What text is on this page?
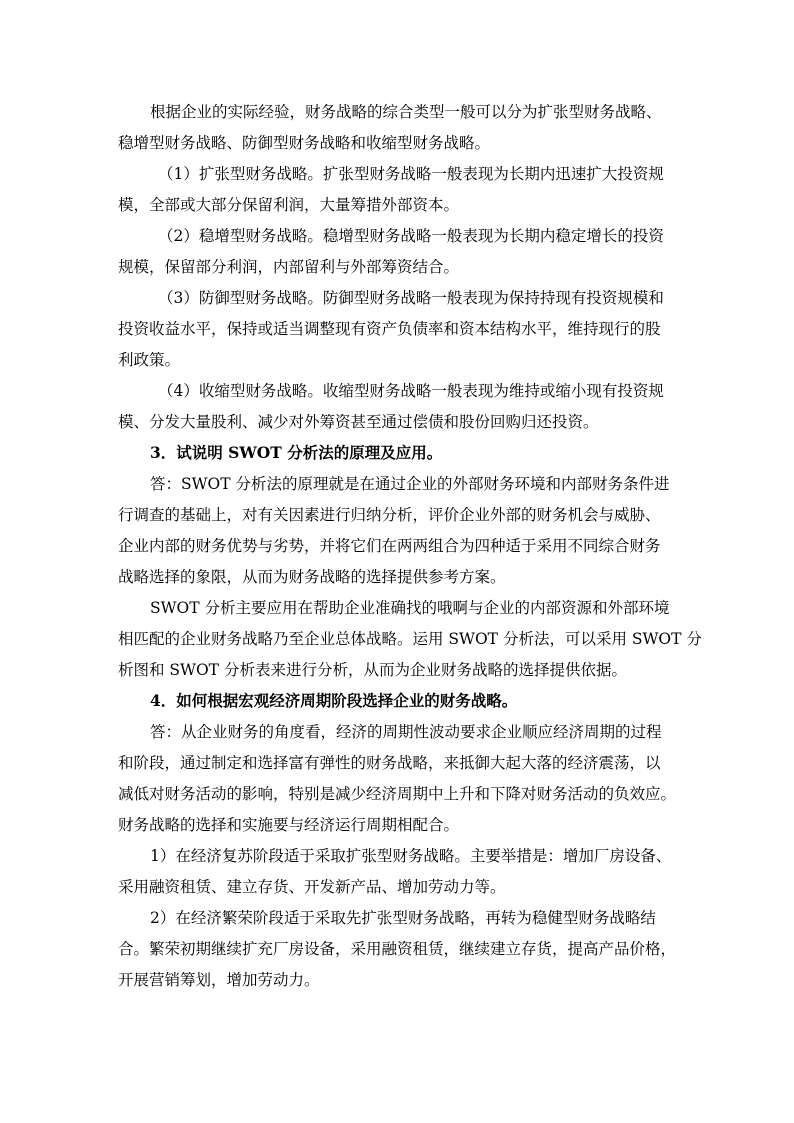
根据企业的实际经验，财务战略的综合类型一般可以分为扩张型财务战略、
稳增型财务战略、防御型财务战略和收缩型财务战略。
（1）扩张型财务战略。扩张型财务战略一般表现为长期内迅速扩大投资规
模，全部或大部分保留利润，大量筹措外部资本。
（2）稳增型财务战略。稳增型财务战略一般表现为长期内稳定增长的投资
规模，保留部分利润，内部留利与外部筹资结合。
（3）防御型财务战略。防御型财务战略一般表现为保持持现有投资规模和
投资收益水平，保持或适当调整现有资产负债率和资本结构水平，维持现行的股
利政策。
（4）收缩型财务战略。收缩型财务战略一般表现为维持或缩小现有投资规
模、分发大量股利、减少对外筹资甚至通过偿债和股份回购归还投资。
3．试说明 SWOT 分析法的原理及应用。
答：SWOT 分析法的原理就是在通过企业的外部财务环境和内部财务条件进
行调查的基础上，对有关因素进行归纳分析，评价企业外部的财务机会与威胁、
企业内部的财务优势与劣势，并将它们在两两组合为四种适于采用不同综合财务
战略选择的象限，从而为财务战略的选择提供参考方案。
SWOT 分析主要应用在帮助企业准确找的哦啊与企业的内部资源和外部环境
相匹配的企业财务战略乃至企业总体战略。运用 SWOT 分析法，可以采用 SWOT 分
析图和 SWOT 分析表来进行分析，从而为企业财务战略的选择提供依据。
4．如何根据宏观经济周期阶段选择企业的财务战略。
答：从企业财务的角度看，经济的周期性波动要求企业顺应经济周期的过程
和阶段，通过制定和选择富有弹性的财务战略，来抵御大起大落的经济震荡，以
减低对财务活动的影响，特别是减少经济周期中上升和下降对财务活动的负效应。
财务战略的选择和实施要与经济运行周期相配合。
1）在经济复苏阶段适于采取扩张型财务战略。主要举措是：增加厂房设备、
采用融资租赁、建立存货、开发新产品、增加劳动力等。
2）在经济繁荣阶段适于采取先扩张型财务战略，再转为稳健型财务战略结
合。繁荣初期继续扩充厂房设备，采用融资租赁，继续建立存货，提高产品价格，
开展营销筹划，增加劳动力。
